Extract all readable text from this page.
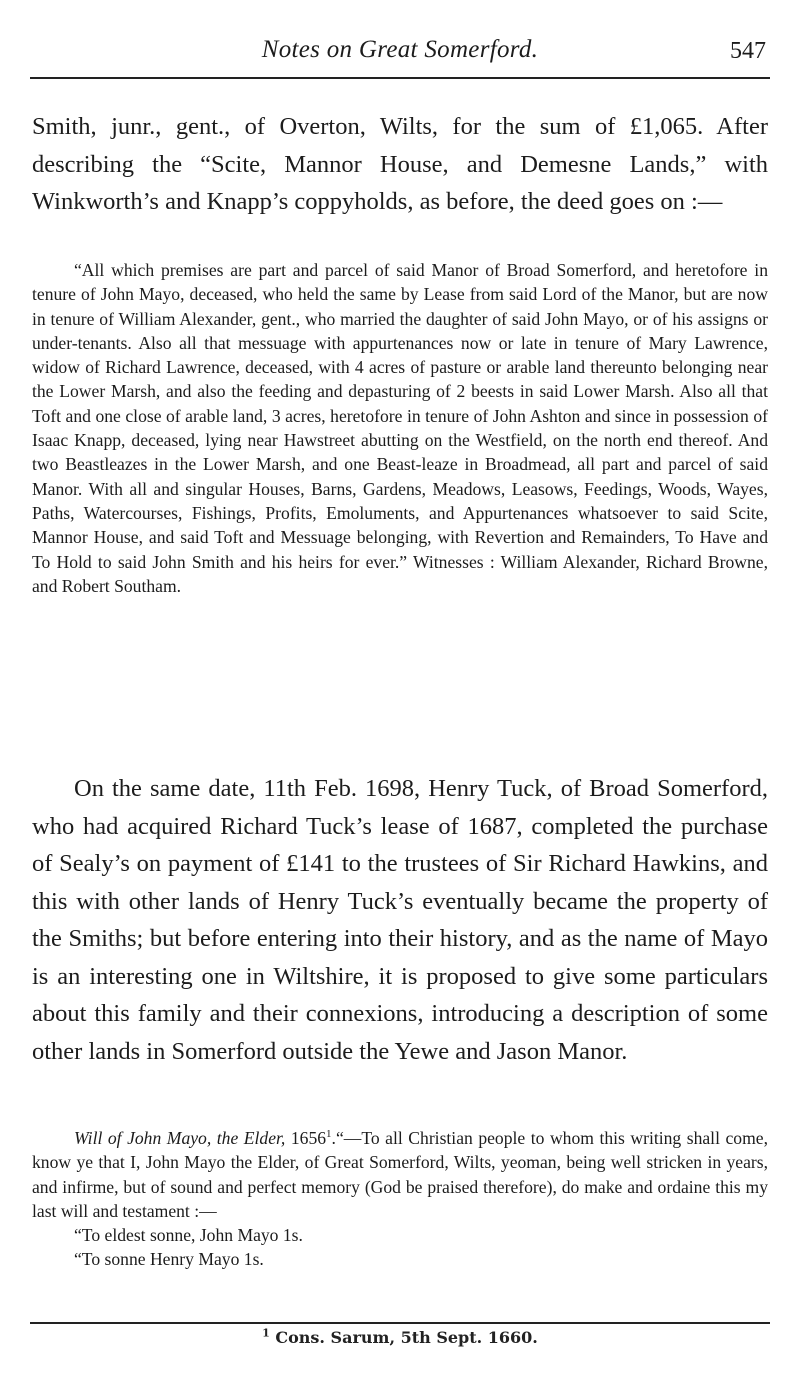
Notes on Great Somerford.	547

Smith, junr., gent., of Overton, Wilts, for the sum of £1,065. After describing the “Scite, Mannor House, and Demesne Lands,” with Winkworth’s and Knapp’s coppyholds, as before, the deed goes on :—

“All which premises are part and parcel of said Manor of Broad Somerford, and heretofore in tenure of John Mayo, deceased, who held the same by Lease from said Lord of the Manor, but are now in tenure of William Alexander, gent., who married the daughter of said John Mayo, or of his assigns or under-tenants. Also all that messuage with appurtenances now or late in tenure of Mary Lawrence, widow of Richard Lawrence, deceased, with 4 acres of pasture or arable land thereunto belonging near the Lower Marsh, and also the feeding and depasturing of 2 beests in said Lower Marsh. Also all that Toft and one close of arable land, 3 acres, heretofore in tenure of John Ashton and since in possession of Isaac Knapp, deceased, lying near Hawstreet abutting on the Westfield, on the north end thereof. And two Beastleazes in the Lower Marsh, and one Beast-leaze in Broadmead, all part and parcel of said Manor. With all and singular Houses, Barns, Gardens, Meadows, Leasows, Feedings, Woods, Wayes, Paths, Watercourses, Fishings, Profits, Emoluments, and Appurtenances whatsoever to said Scite, Mannor House, and said Toft and Messuage belonging, with Revertion and Remainders, To Have and To Hold to said John Smith and his heirs for ever.” Witnesses : William Alexander, Richard Browne, and Robert Southam.

On the same date, 11th Feb. 1698, Henry Tuck, of Broad Somerford, who had acquired Richard Tuck’s lease of 1687, completed the purchase of Sealy’s on payment of £141 to the trustees of Sir Richard Hawkins, and this with other lands of Henry Tuck’s eventually became the property of the Smiths; but before entering into their history, and as the name of Mayo is an interesting one in Wiltshire, it is proposed to give some particulars about this family and their connexions, introducing a description of some other lands in Somerford outside the Yewe and Jason Manor.

Will of John Mayo, the Elder, 1656$^1$.“—To all Christian people to whom this writing shall come, know ye that I, John Mayo the Elder, of Great Somerford, Wilts, yeoman, being well stricken in years, and infirme, but of sound and perfect memory (God be praised therefore), do make and ordaine this my last will and testament :—

“To eldest sonne, John Mayo 1s.

“To sonne Henry Mayo 1s.

$^1$ Cons. Sarum, 5th Sept. 1660.
